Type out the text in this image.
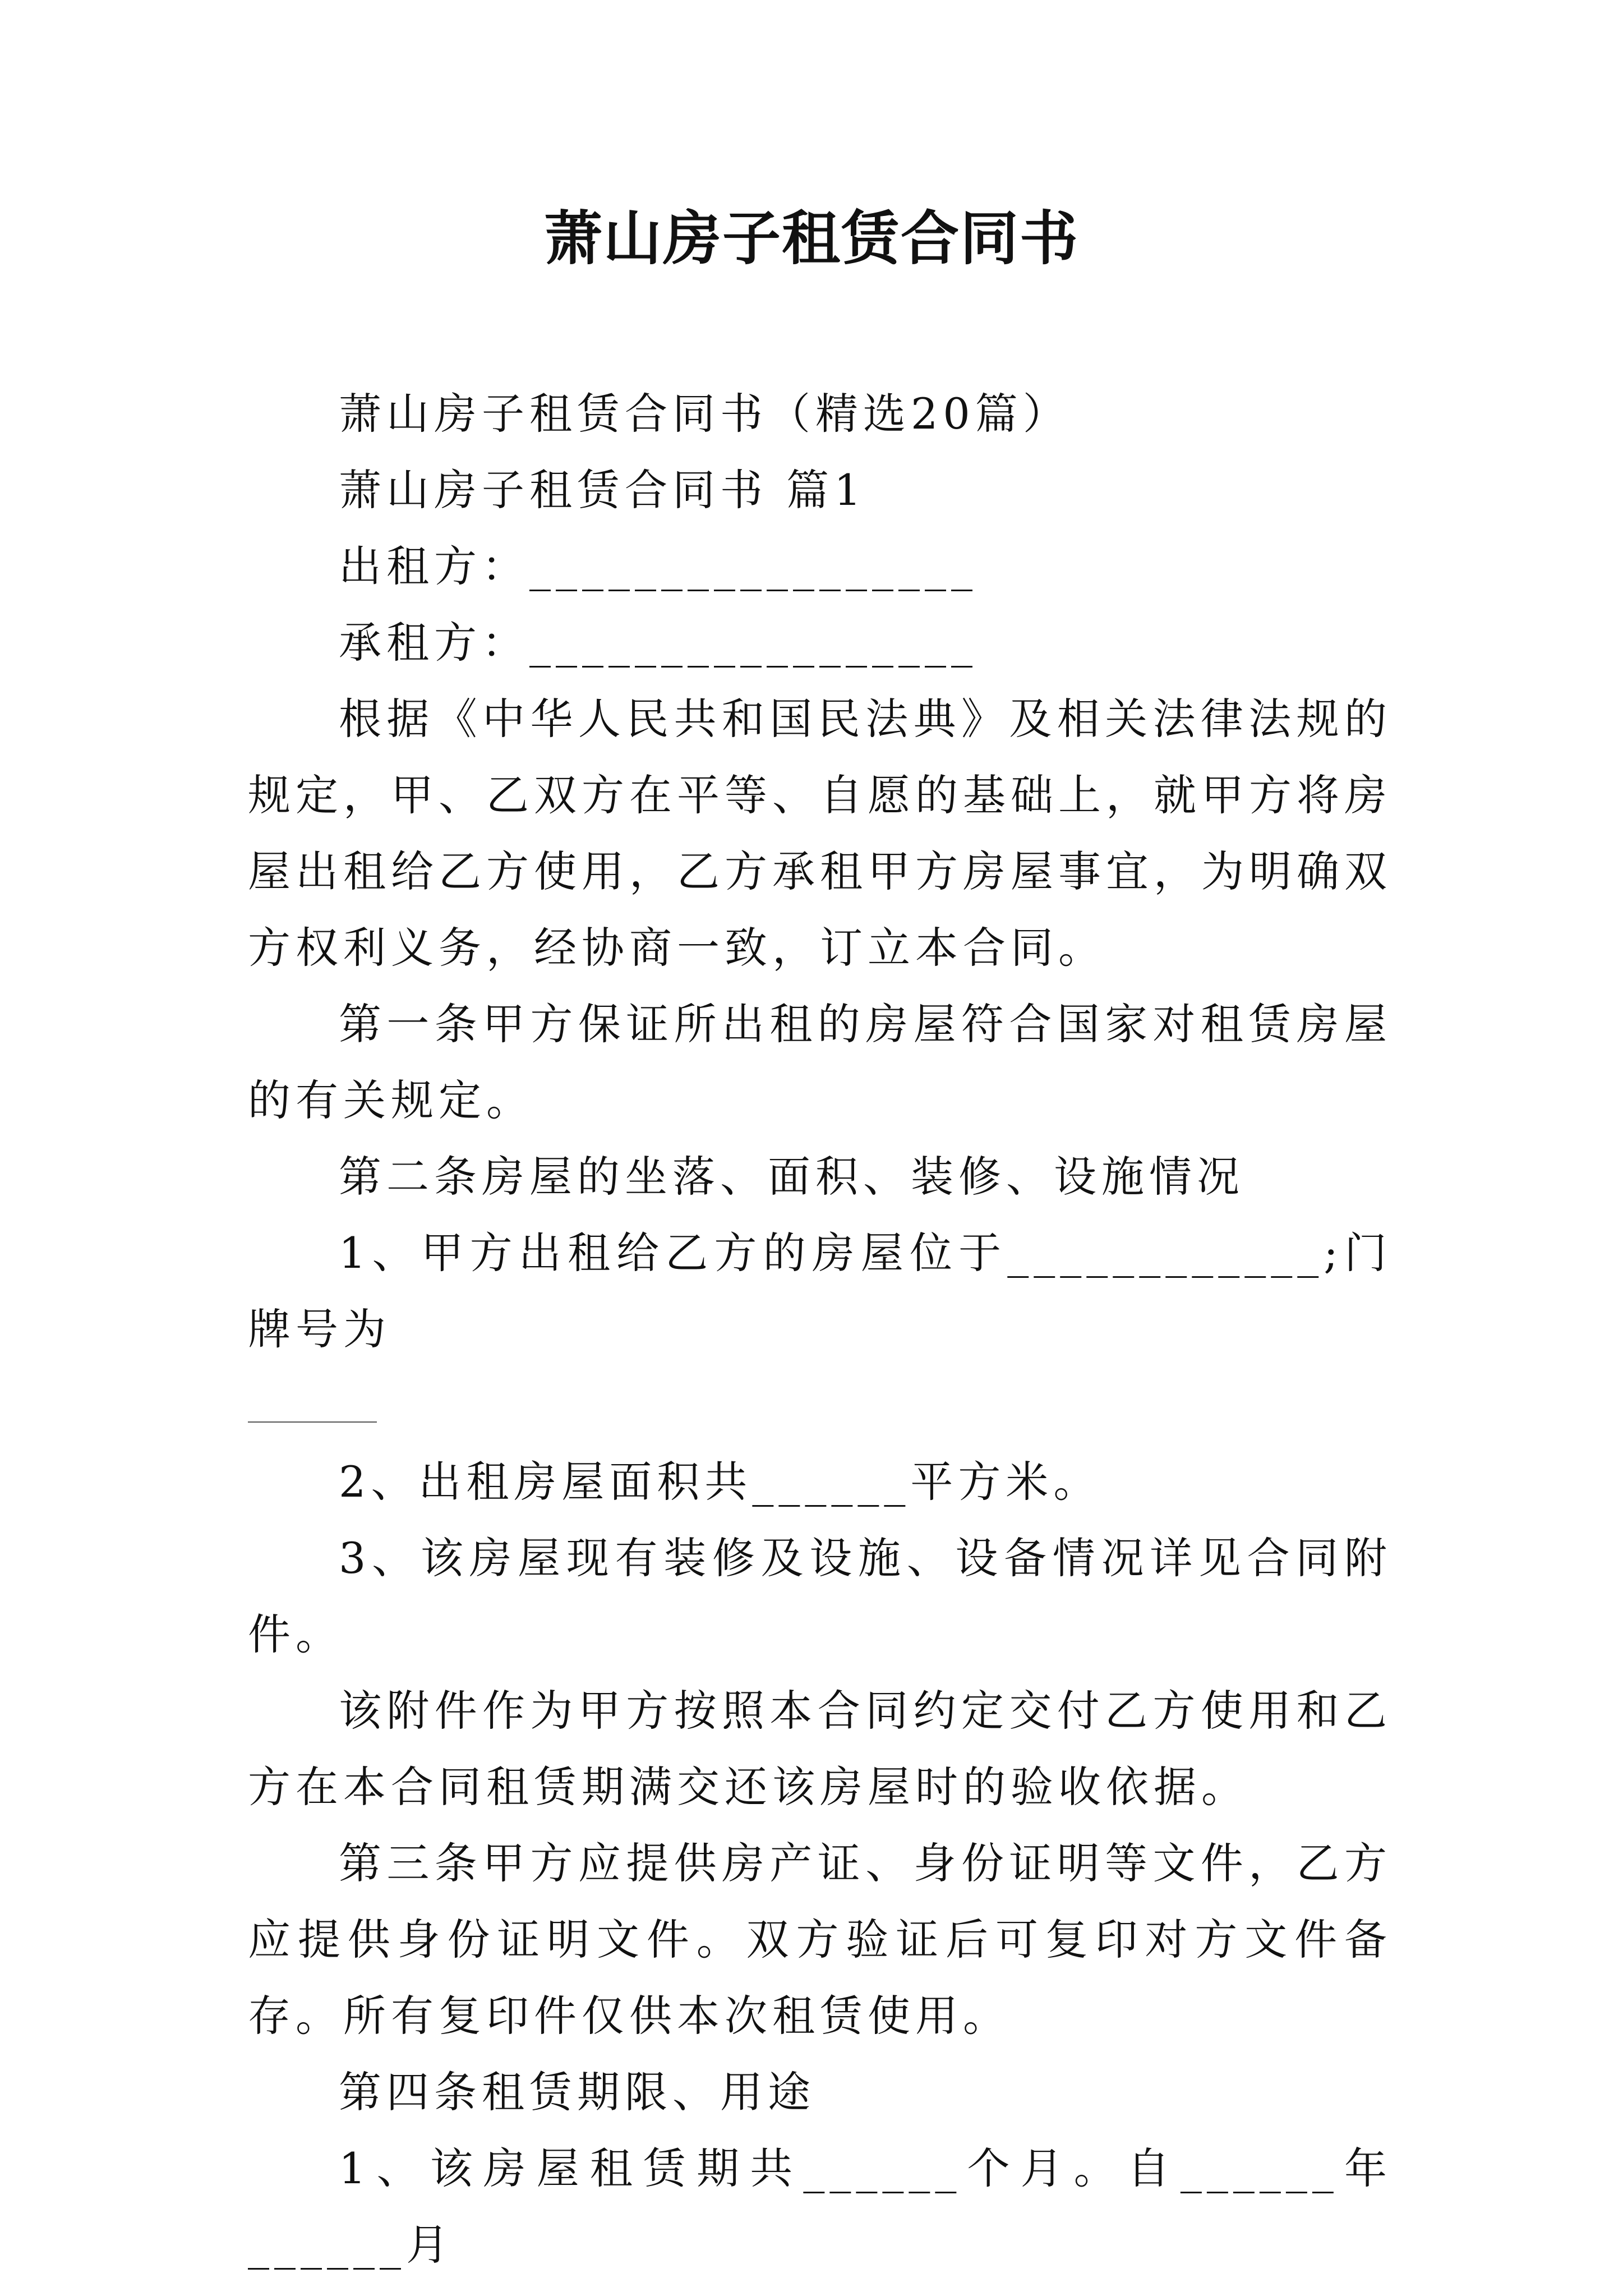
萧山房子租赁合同书

萧山房子租赁合同书（精选20篇）

萧山房子租赁合同书 篇1

出租方：_________________

承租方：_________________

根据《中华人民共和国民法典》及相关法律法规的规定，甲、乙双方在平等、自愿的基础上，就甲方将房屋出租给乙方使用，乙方承租甲方房屋事宜，为明确双方权利义务，经协商一致，订立本合同。

第一条甲方保证所出租的房屋符合国家对租赁房屋的有关规定。

第二条房屋的坐落、面积、装修、设施情况

1、甲方出租给乙方的房屋位于____________;门牌号为

2、出租房屋面积共______平方米。

3、该房屋现有装修及设施、设备情况详见合同附件。

该附件作为甲方按照本合同约定交付乙方使用和乙方在本合同租赁期满交还该房屋时的验收依据。

第三条甲方应提供房产证、身份证明等文件，乙方应提供身份证明文件。双方验证后可复印对方文件备存。所有复印件仅供本次租赁使用。

第四条租赁期限、用途

1、该房屋租赁期共______个月。自______年______月
